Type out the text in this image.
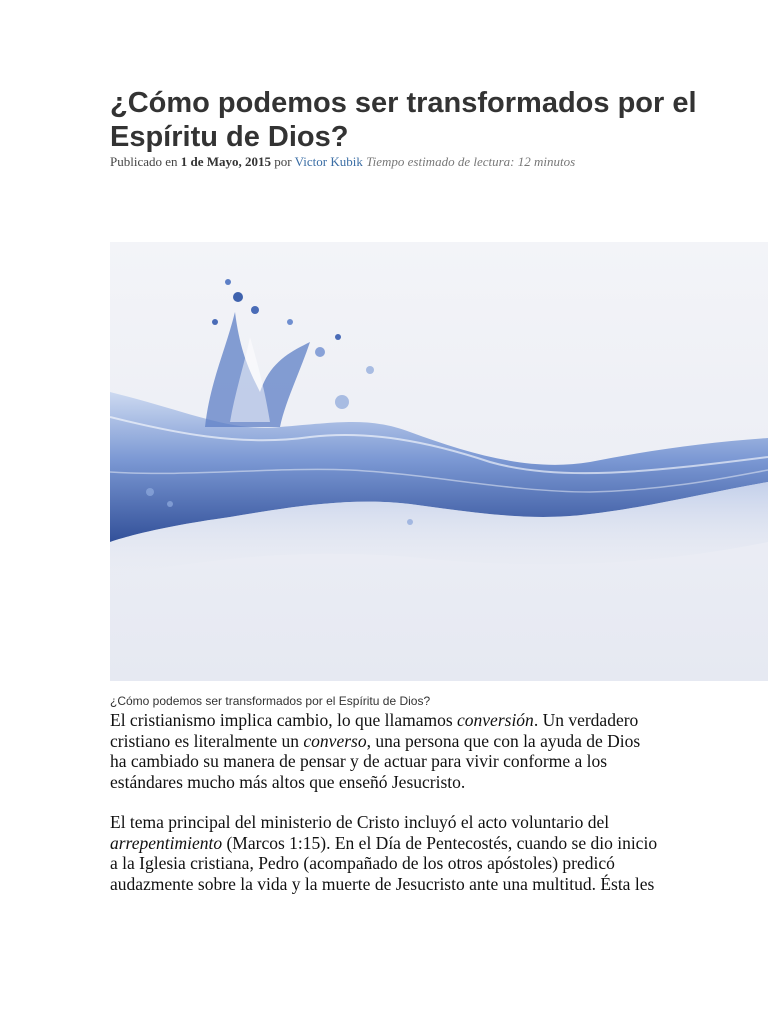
¿Cómo podemos ser transformados por el Espíritu de Dios?
Publicado en 1 de Mayo, 2015 por Victor Kubik Tiempo estimado de lectura: 12 minutos
¿Cómo podemos ser transformados por el Espíritu de Dios?

El cristianismo implica cambio, lo que llamamos conversión. Un verdadero cristiano es literalmente un converso, una persona que con la ayuda de Dios ha cambiado su manera de pensar y de actuar para vivir conforme a los estándares mucho más altos que enseñó Jesucristo.

El tema principal del ministerio de Cristo incluyó el acto voluntario del arrepentimiento (Marcos 1:15). En el Día de Pentecostés, cuando se dio inicio a la Iglesia cristiana, Pedro (acompañado de los otros apóstoles) predicó audazmente sobre la vida y la muerte de Jesucristo ante una multitud. Ésta les
